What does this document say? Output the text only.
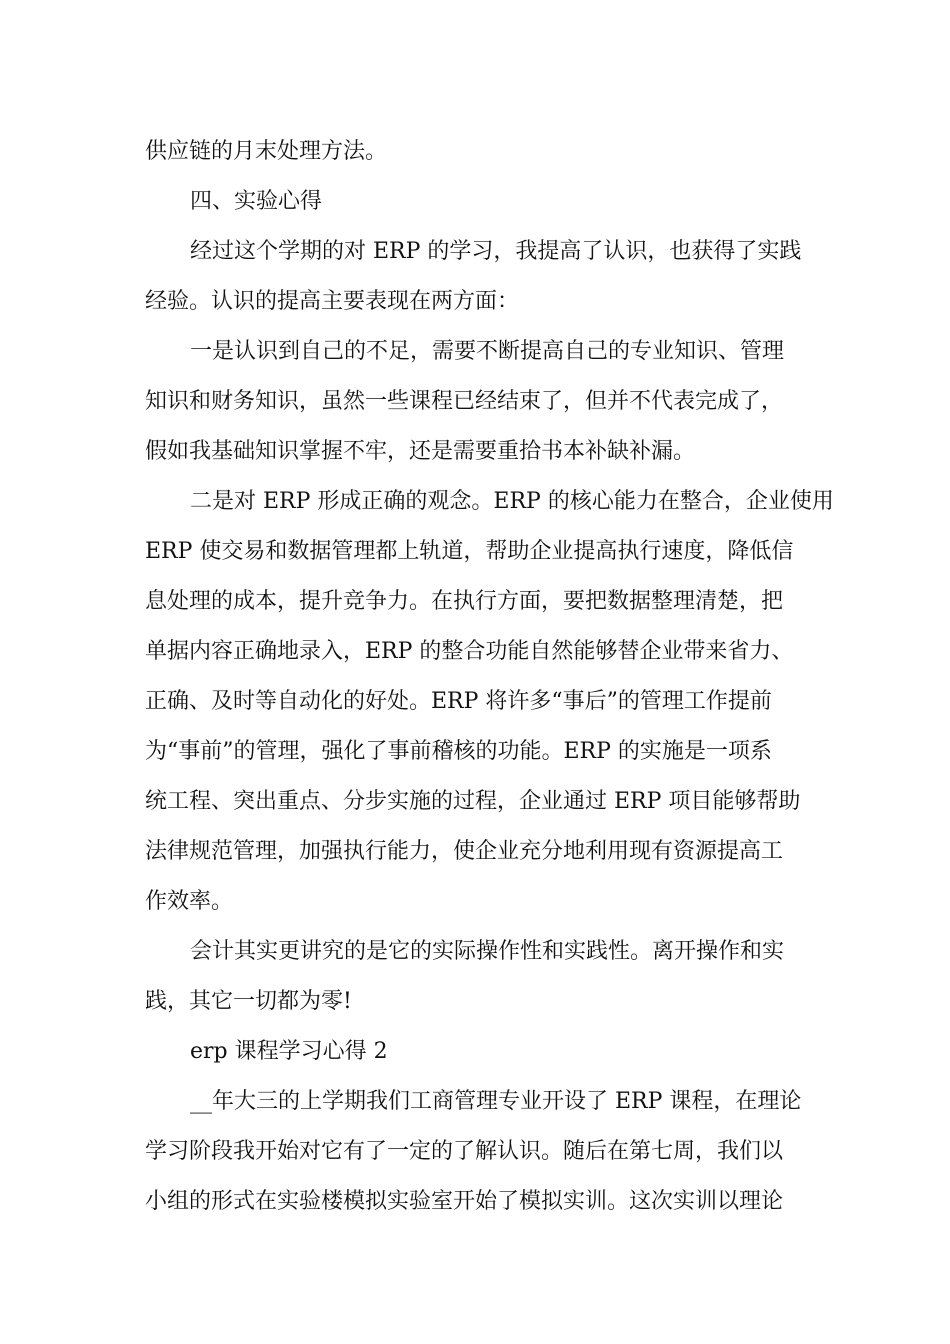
供应链的月末处理方法。
四、实验心得
经过这个学期的对 ERP 的学习，我提高了认识，也获得了实践
经验。认识的提高主要表现在两方面：
一是认识到自己的不足，需要不断提高自己的专业知识、管理
知识和财务知识，虽然一些课程已经结束了，但并不代表完成了，
假如我基础知识掌握不牢，还是需要重拾书本补缺补漏。
二是对 ERP 形成正确的观念。ERP 的核心能力在整合，企业使用
ERP 使交易和数据管理都上轨道，帮助企业提高执行速度，降低信
息处理的成本，提升竞争力。在执行方面，要把数据整理清楚，把
单据内容正确地录入，ERP 的整合功能自然能够替企业带来省力、
正确、及时等自动化的好处。ERP 将许多“事后”的管理工作提前
为“事前”的管理，强化了事前稽核的功能。ERP 的实施是一项系
统工程、突出重点、分步实施的过程，企业通过 ERP 项目能够帮助
法律规范管理，加强执行能力，使企业充分地利用现有资源提高工
作效率。
会计其实更讲究的是它的实际操作性和实践性。离开操作和实
践，其它一切都为零!
erp 课程学习心得 2
__年大三的上学期我们工商管理专业开设了 ERP 课程，在理论
学习阶段我开始对它有了一定的了解认识。随后在第七周，我们以
小组的形式在实验楼模拟实验室开始了模拟实训。这次实训以理论
